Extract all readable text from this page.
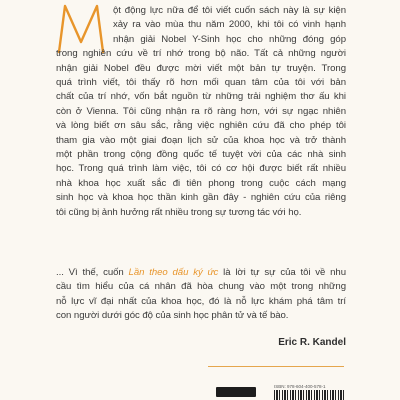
ột động lực nữa để tôi viết cuốn sách này là sự kiện
xảy ra vào mùa thu năm 2000, khi tôi có vinh hạnh
nhận giải Nobel Y-Sinh học cho những đóng góp
trong nghiên cứu về trí nhớ trong bộ não. Tất cả những người
nhận giải Nobel đều được mời viết một bản tự truyện. Trong
quá trình viết, tôi thấy rõ hơn mối quan tâm của tôi với bản
chất của trí nhớ, vốn bắt nguồn từ những trải nghiệm thơ ấu khi
còn ở Vienna. Tôi cũng nhận ra rõ ràng hơn, với sự ngạc nhiên
và lòng biết ơn sâu sắc, rằng việc nghiên cứu đã cho phép tôi
tham gia vào một giai đoạn lịch sử của khoa học và trở thành
một phần trong cộng đồng quốc tế tuyệt vời của các nhà sinh
học. Trong quá trình làm việc, tôi có cơ hội được biết rất nhiều
nhà khoa học xuất sắc đi tiên phong trong cuộc cách mạng
sinh học và khoa học thần kinh gần đây - nghiên cứu của riêng
tôi cũng bị ảnh hưởng rất nhiều trong sự tương tác với họ.
... Vì thế, cuốn Lần theo dấu ký ức là lời tự sự của tôi về nhu
cầu tìm hiểu của cá nhân đã hòa chung vào một trong những
nỗ lực vĩ đại nhất của khoa học, đó là nỗ lực khám phá tâm trí
con người dưới góc độ của sinh học phân tử và tế bào.
Eric R. Kandel
ISBN: 978-604-400-578-1
